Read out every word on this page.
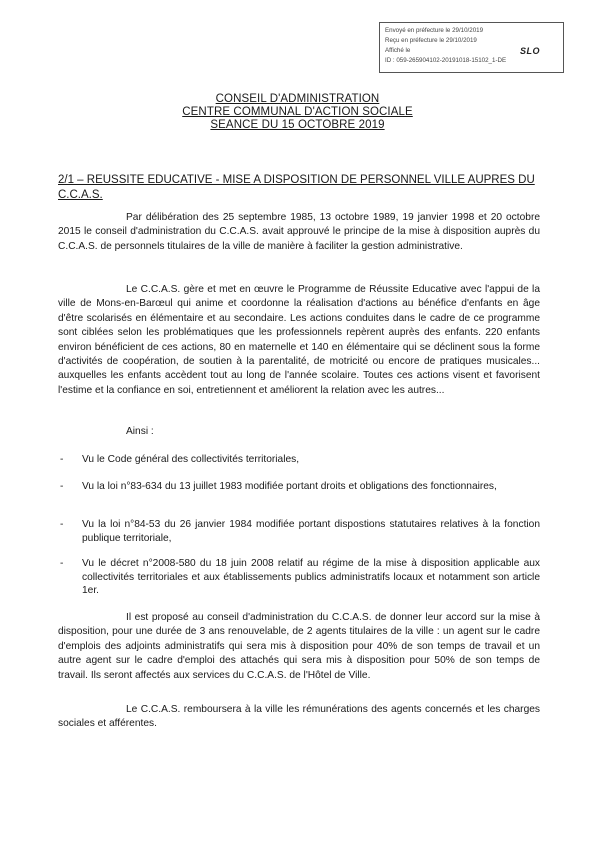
Envoyé en préfecture le 29/10/2019
Reçu en préfecture le 29/10/2019
Affiché le	SLO
ID : 059-265904102-20191018-15102_1-DE
CONSEIL D'ADMINISTRATION
CENTRE COMMUNAL D'ACTION SOCIALE
SEANCE DU 15 OCTOBRE 2019
2/1 – REUSSITE EDUCATIVE - MISE A DISPOSITION DE PERSONNEL VILLE AUPRES DU C.C.A.S.

Par délibération des 25 septembre 1985, 13 octobre 1989, 19 janvier 1998 et 20 octobre 2015 le conseil d'administration du C.C.A.S. avait approuvé le principe de la mise à disposition auprès du C.C.A.S. de personnels titulaires de la ville de manière à faciliter la gestion administrative.

Le C.C.A.S. gère et met en œuvre le Programme de Réussite Educative avec l'appui de la ville de Mons-en-Barœul qui anime et coordonne la réalisation d'actions au bénéfice d'enfants en âge d'être scolarisés en élémentaire et au secondaire. Les actions conduites dans le cadre de ce programme sont ciblées selon les problématiques que les professionnels repèrent auprès des enfants. 220 enfants environ bénéficient de ces actions, 80 en maternelle et 140 en élémentaire qui se déclinent sous la forme d'activités de coopération, de soutien à la parentalité, de motricité ou encore de pratiques musicales... auxquelles les enfants accèdent tout au long de l'année scolaire. Toutes ces actions visent et favorisent l'estime et la confiance en soi, entretiennent et améliorent la relation avec les autres...

Ainsi :

- Vu le Code général des collectivités territoriales,
- Vu la loi n°83-634 du 13 juillet 1983 modifiée portant droits et obligations des fonctionnaires,
- Vu la loi n°84-53 du 26 janvier 1984 modifiée portant dispostions statutaires relatives à la fonction publique territoriale,
- Vu le décret n°2008-580 du 18 juin 2008 relatif au régime de la mise à disposition applicable aux collectivités territoriales et aux établissements publics administratifs locaux et notamment son article 1er.

Il est proposé au conseil d'administration du C.C.A.S. de donner leur accord sur la mise à disposition, pour une durée de 3 ans renouvelable, de 2 agents titulaires de la ville : un agent sur le cadre d'emplois des adjoints administratifs qui sera mis à disposition pour 40% de son temps de travail et un autre agent sur le cadre d'emploi des attachés qui sera mis à disposition pour 50% de son temps de travail. Ils seront affectés aux services du C.C.A.S. de l'Hôtel de Ville.

Le C.C.A.S. remboursera à la ville les rémunérations des agents concernés et les charges sociales et afférentes.
